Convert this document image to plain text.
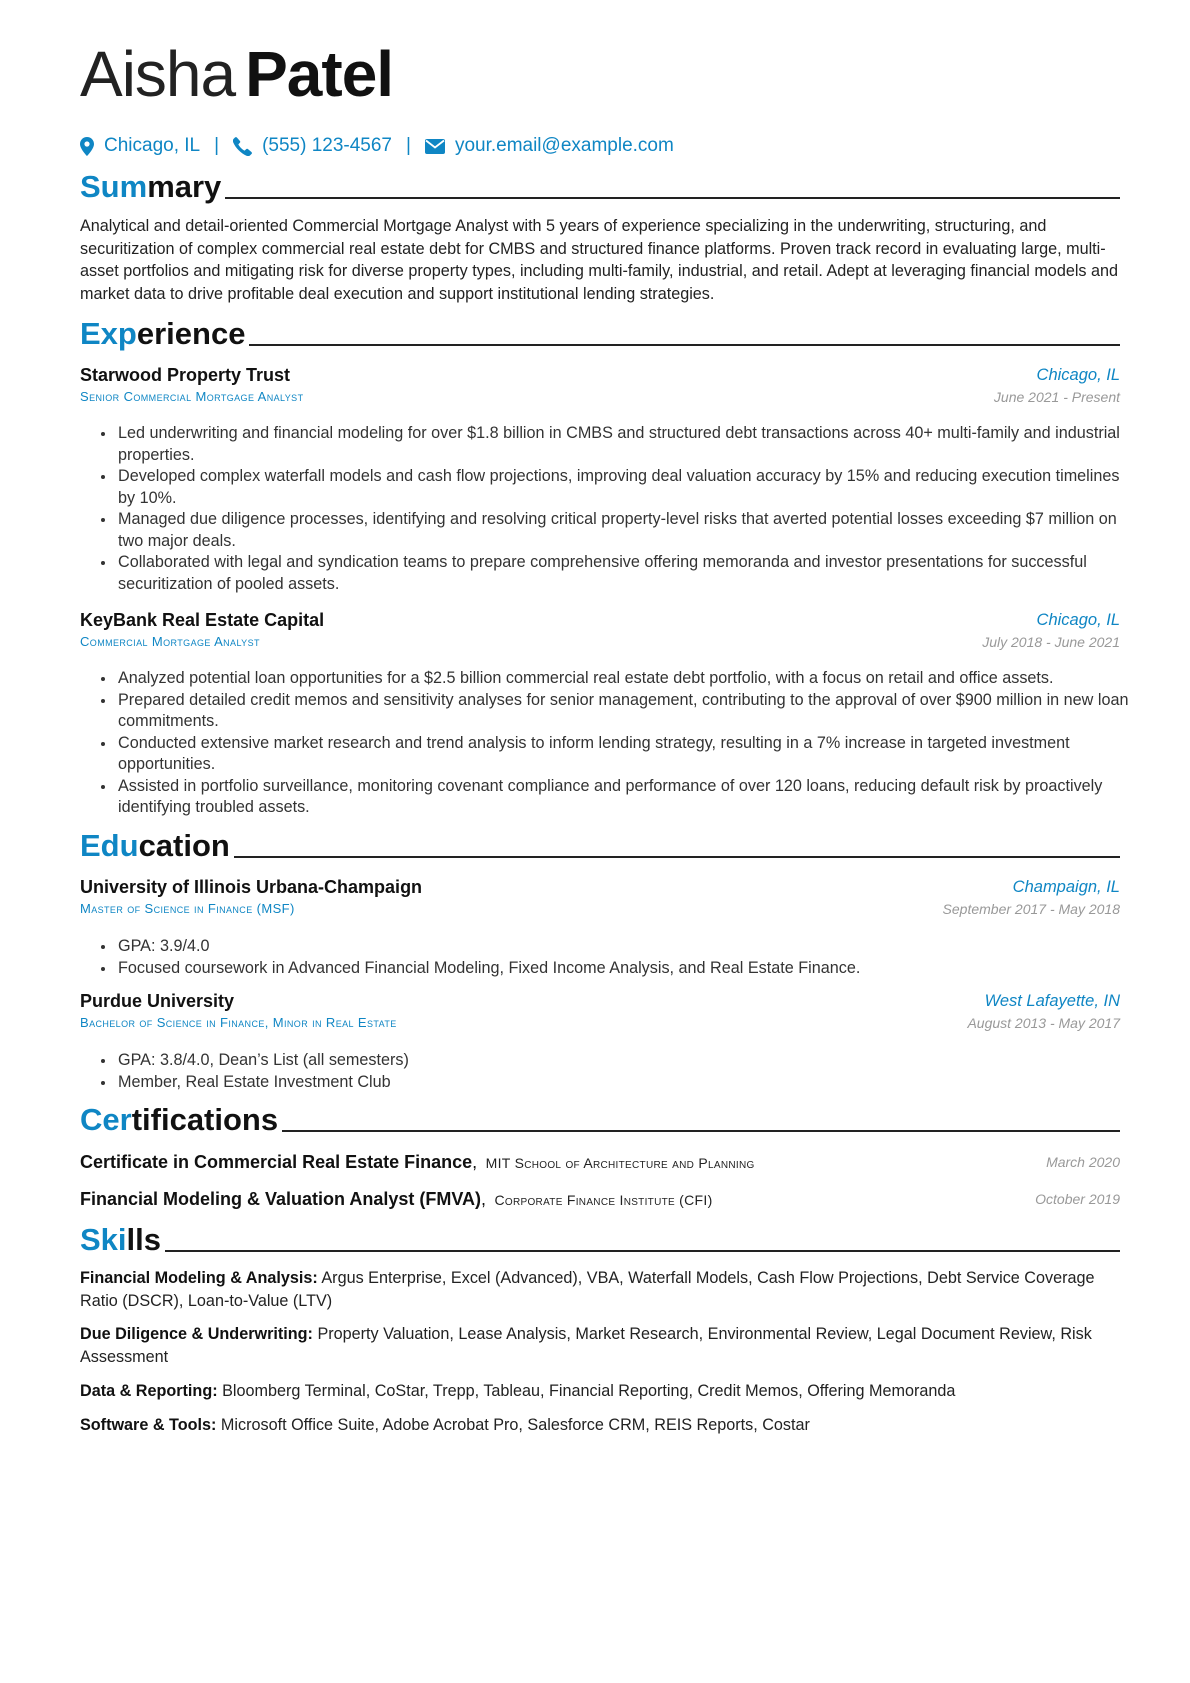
Aisha Patel
Chicago, IL | (555) 123-4567 | your.email@example.com
Summary
Analytical and detail-oriented Commercial Mortgage Analyst with 5 years of experience specializing in the underwriting, structuring, and securitization of complex commercial real estate debt for CMBS and structured finance platforms. Proven track record in evaluating large, multi-asset portfolios and mitigating risk for diverse property types, including multi-family, industrial, and retail. Adept at leveraging financial models and market data to drive profitable deal execution and support institutional lending strategies.
Experience
Starwood Property Trust	Chicago, IL
Senior Commercial Mortgage Analyst	June 2021 - Present
• Led underwriting and financial modeling for over $1.8 billion in CMBS and structured debt transactions across 40+ multi-family and industrial properties.
• Developed complex waterfall models and cash flow projections, improving deal valuation accuracy by 15% and reducing execution timelines by 10%.
• Managed due diligence processes, identifying and resolving critical property-level risks that averted potential losses exceeding $7 million on two major deals.
• Collaborated with legal and syndication teams to prepare comprehensive offering memoranda and investor presentations for successful securitization of pooled assets.
KeyBank Real Estate Capital	Chicago, IL
Commercial Mortgage Analyst	July 2018 - June 2021
• Analyzed potential loan opportunities for a $2.5 billion commercial real estate debt portfolio, with a focus on retail and office assets.
• Prepared detailed credit memos and sensitivity analyses for senior management, contributing to the approval of over $900 million in new loan commitments.
• Conducted extensive market research and trend analysis to inform lending strategy, resulting in a 7% increase in targeted investment opportunities.
• Assisted in portfolio surveillance, monitoring covenant compliance and performance of over 120 loans, reducing default risk by proactively identifying troubled assets.
Education
University of Illinois Urbana-Champaign	Champaign, IL
Master of Science in Finance (MSF)	September 2017 - May 2018
• GPA: 3.9/4.0
• Focused coursework in Advanced Financial Modeling, Fixed Income Analysis, and Real Estate Finance.
Purdue University	West Lafayette, IN
Bachelor of Science in Finance, Minor in Real Estate	August 2013 - May 2017
• GPA: 3.8/4.0, Dean’s List (all semesters)
• Member, Real Estate Investment Club
Certifications
Certificate in Commercial Real Estate Finance, MIT School of Architecture and Planning	March 2020
Financial Modeling & Valuation Analyst (FMVA), Corporate Finance Institute (CFI)	October 2019
Skills
Financial Modeling & Analysis: Argus Enterprise, Excel (Advanced), VBA, Waterfall Models, Cash Flow Projections, Debt Service Coverage Ratio (DSCR), Loan-to-Value (LTV)
Due Diligence & Underwriting: Property Valuation, Lease Analysis, Market Research, Environmental Review, Legal Document Review, Risk Assessment
Data & Reporting: Bloomberg Terminal, CoStar, Trepp, Tableau, Financial Reporting, Credit Memos, Offering Memoranda
Software & Tools: Microsoft Office Suite, Adobe Acrobat Pro, Salesforce CRM, REIS Reports, Costar
